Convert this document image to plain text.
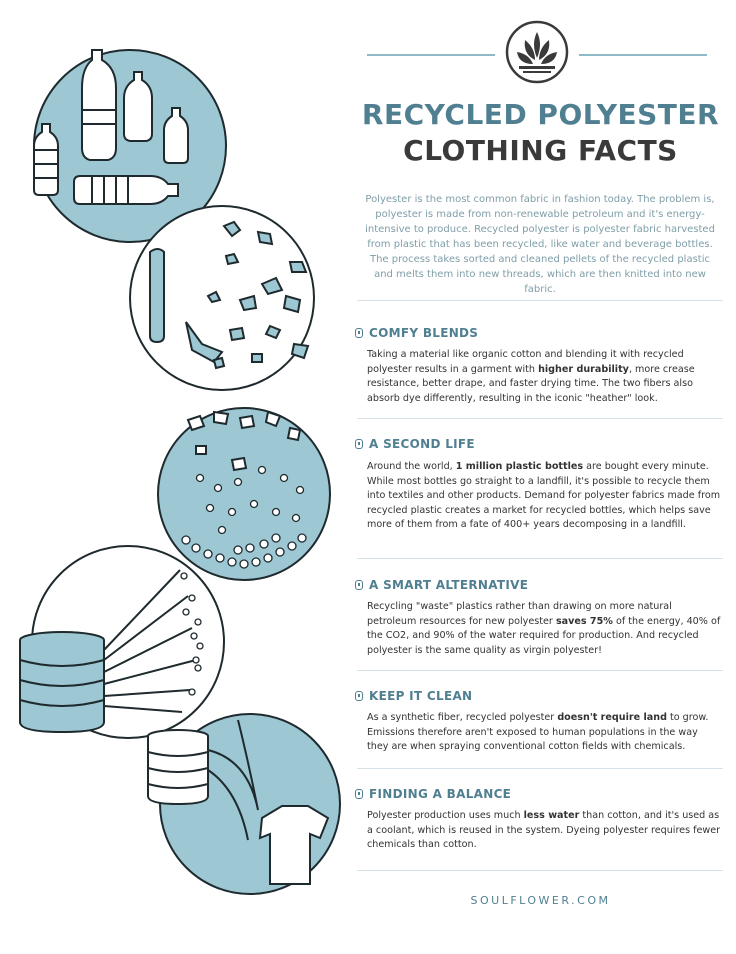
RECYCLED POLYESTER
CLOTHING FACTS
Polyester is the most common fabric in fashion today. The problem is, polyester is made from non-renewable petroleum and it's energy-intensive to produce. Recycled polyester is polyester fabric harvested from plastic that has been recycled, like water and beverage bottles. The process takes sorted and cleaned pellets of the recycled plastic and melts them into new threads, which are then knitted into new fabric.
COMFY BLENDS
Taking a material like organic cotton and blending it with recycled polyester results in a garment with higher durability, more crease resistance, better drape, and faster drying time. The two fibers also absorb dye differently, resulting in the iconic "heather" look.
A SECOND LIFE
Around the world, 1 million plastic bottles are bought every minute. While most bottles go straight to a landfill, it's possible to recycle them into textiles and other products. Demand for polyester fabrics made from recycled plastic creates a market for recycled bottles, which helps save more of them from a fate of 400+ years decomposing in a landfill.
A SMART ALTERNATIVE
Recycling "waste" plastics rather than drawing on more natural petroleum resources for new polyester saves 75% of the energy, 40% of the CO2, and 90% of the water required for production. And recycled polyester is the same quality as virgin polyester!
KEEP IT CLEAN
As a synthetic fiber, recycled polyester doesn't require land to grow. Emissions therefore aren't exposed to human populations in the way they are when spraying conventional cotton fields with chemicals.
FINDING A BALANCE
Polyester production uses much less water than cotton, and it's used as a coolant, which is reused in the system. Dyeing polyester requires fewer chemicals than cotton.
SOULFLOWER.COM
